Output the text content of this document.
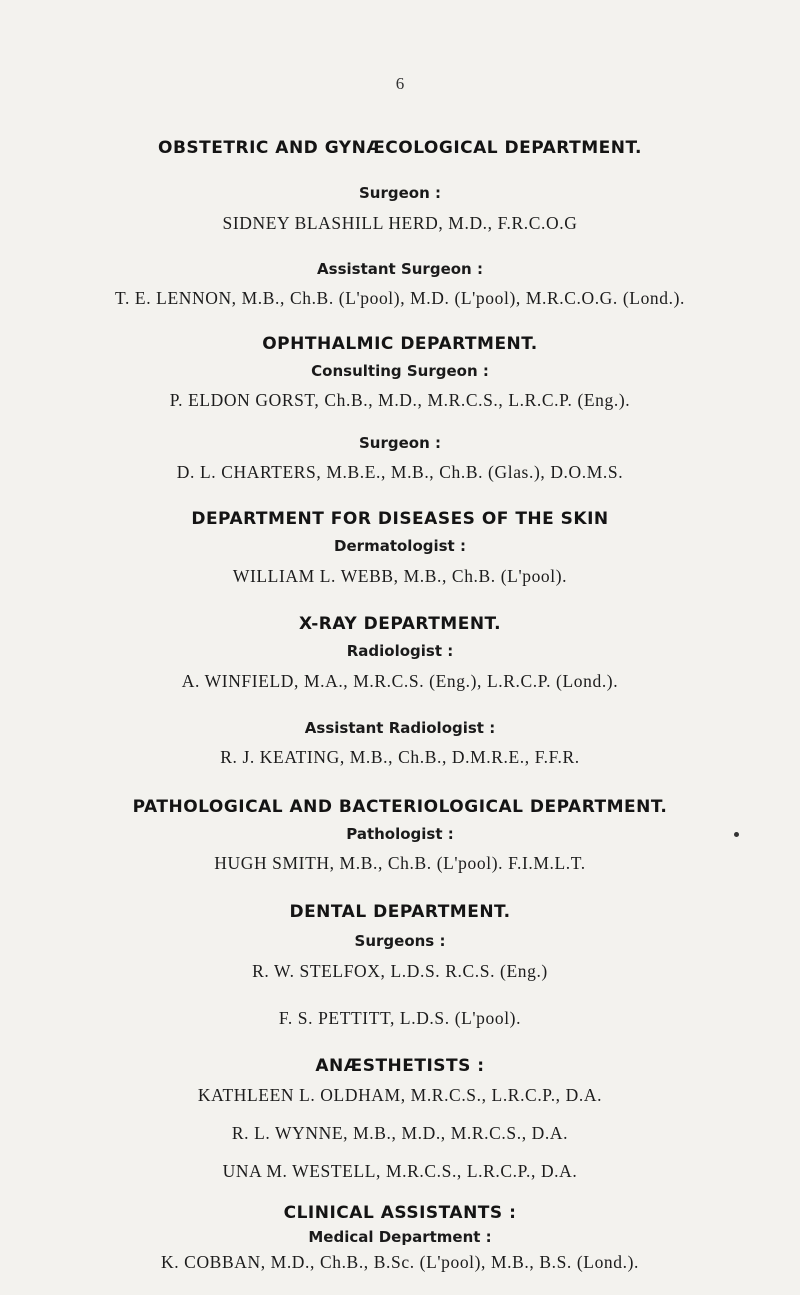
6
OBSTETRIC AND GYNÆCOLOGICAL DEPARTMENT.
Surgeon :
SIDNEY BLASHILL HERD, M.D., F.R.C.O.G
Assistant Surgeon :
T. E. LENNON, M.B., Ch.B. (L'pool), M.D. (L'pool), M.R.C.O.G. (Lond.).
OPHTHALMIC DEPARTMENT.
Consulting Surgeon :
P. ELDON GORST, Ch.B., M.D., M.R.C.S., L.R.C.P. (Eng.).
Surgeon :
D. L. CHARTERS, M.B.E., M.B., Ch.B. (Glas.), D.O.M.S.
DEPARTMENT FOR DISEASES OF THE SKIN
Dermatologist :
WILLIAM L. WEBB, M.B., Ch.B. (L'pool).
X-RAY DEPARTMENT.
Radiologist :
A. WINFIELD, M.A., M.R.C.S. (Eng.), L.R.C.P. (Lond.).
Assistant Radiologist :
R. J. KEATING, M.B., Ch.B., D.M.R.E., F.F.R.
PATHOLOGICAL AND BACTERIOLOGICAL DEPARTMENT.
Pathologist :
HUGH SMITH, M.B., Ch.B. (L'pool). F.I.M.L.T.
DENTAL DEPARTMENT.
Surgeons :
R. W. STELFOX, L.D.S. R.C.S. (Eng.)
F. S. PETTITT, L.D.S. (L'pool).
ANÆSTHETISTS :
KATHLEEN L. OLDHAM, M.R.C.S., L.R.C.P., D.A.
R. L. WYNNE, M.B., M.D., M.R.C.S., D.A.
UNA M. WESTELL, M.R.C.S., L.R.C.P., D.A.
CLINICAL ASSISTANTS :
Medical Department :
K. COBBAN, M.D., Ch.B., B.Sc. (L'pool), M.B., B.S. (Lond.).
